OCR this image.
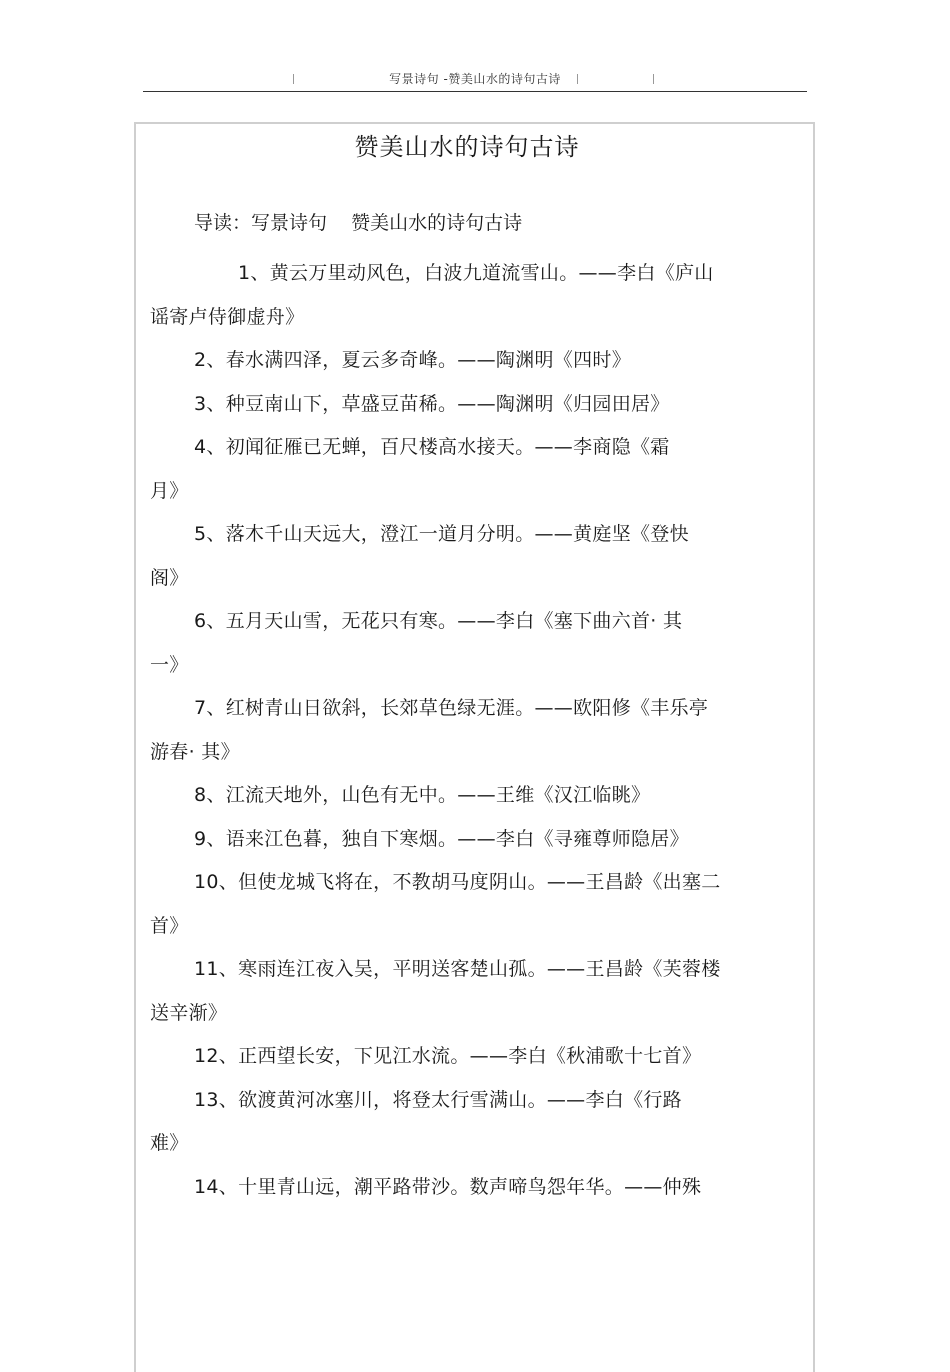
写景诗句 -赞美山水的诗句古诗
赞美山水的诗句古诗
导读：写景诗句    赞美山水的诗句古诗

1、黄云万里动风色，白波九道流雪山。——李白《庐山

谣寄卢侍御虚舟》

2、春水满四泽，夏云多奇峰。——陶渊明《四时》

3、种豆南山下，草盛豆苗稀。——陶渊明《归园田居》

4、初闻征雁已无蝉，百尺楼高水接天。——李商隐《霜

月》

5、落木千山天远大，澄江一道月分明。——黄庭坚《登快

阁》

6、五月天山雪，无花只有寒。——李白《塞下曲六首· 其

一》

7、红树青山日欲斜，长郊草色绿无涯。——欧阳修《丰乐亭

游春· 其》

8、江流天地外，山色有无中。——王维《汉江临眺》

9、语来江色暮，独自下寒烟。——李白《寻雍尊师隐居》

10、但使龙城飞将在，不教胡马度阴山。——王昌龄《出塞二

首》

11、寒雨连江夜入吴，平明送客楚山孤。——王昌龄《芙蓉楼

送辛渐》

12、正西望长安，下见江水流。——李白《秋浦歌十七首》

13、欲渡黄河冰塞川，将登太行雪满山。——李白《行路

难》

14、十里青山远，潮平路带沙。数声啼鸟怨年华。——仲殊
